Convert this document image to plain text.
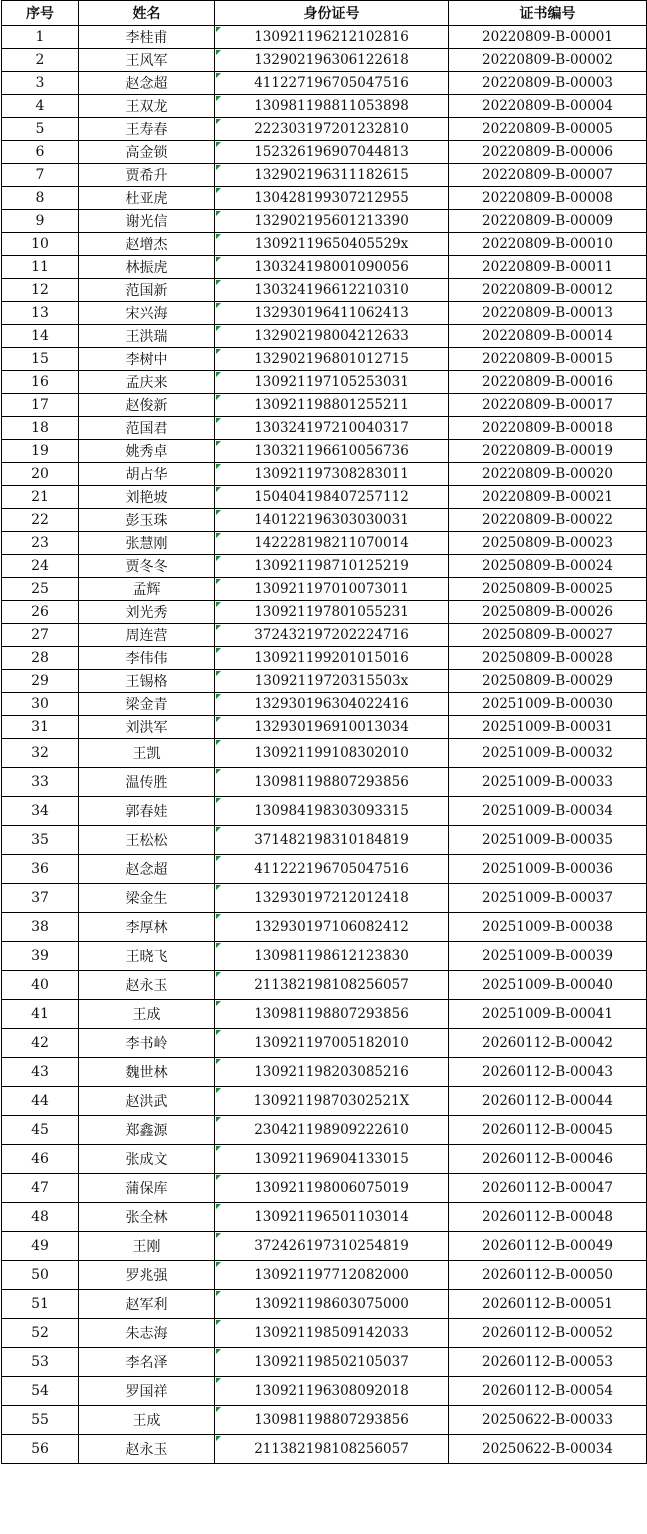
序号	姓名	身份证号	证书编号
1	李桂甫	130921196212102816	20220809-B-00001
2	王风军	132902196306122618	20220809-B-00002
3	赵念超	411227196705047516	20220809-B-00003
4	王双龙	130981198811053898	20220809-B-00004
5	王寿春	222303197201232810	20220809-B-00005
6	高金锁	152326196907044813	20220809-B-00006
7	贾希升	132902196311182615	20220809-B-00007
8	杜亚虎	130428199307212955	20220809-B-00008
9	谢光信	132902195601213390	20220809-B-00009
10	赵增杰	13092119650405529x	20220809-B-00010
11	林振虎	130324198001090056	20220809-B-00011
12	范国新	130324196612210310	20220809-B-00012
13	宋兴海	132930196411062413	20220809-B-00013
14	王洪瑞	132902198004212633	20220809-B-00014
15	李树中	132902196801012715	20220809-B-00015
16	孟庆来	130921197105253031	20220809-B-00016
17	赵俊新	130921198801255211	20220809-B-00017
18	范国君	130324197210040317	20220809-B-00018
19	姚秀卓	130321196610056736	20220809-B-00019
20	胡占华	130921197308283011	20220809-B-00020
21	刘艳坡	150404198407257112	20220809-B-00021
22	彭玉珠	140122196303030031	20220809-B-00022
23	张慧刚	142228198211070014	20250809-B-00023
24	贾冬冬	130921198710125219	20250809-B-00024
25	孟辉	130921197010073011	20250809-B-00025
26	刘光秀	130921197801055231	20250809-B-00026
27	周连营	372432197202224716	20250809-B-00027
28	李伟伟	130921199201015016	20250809-B-00028
29	王锡格	13092119720315503x	20250809-B-00029
30	梁金青	132930196304022416	20251009-B-00030
31	刘洪军	132930196910013034	20251009-B-00031
32	王凯	130921199108302010	20251009-B-00032
33	温传胜	130981198807293856	20251009-B-00033
34	郭春娃	130984198303093315	20251009-B-00034
35	王松松	371482198310184819	20251009-B-00035
36	赵念超	411222196705047516	20251009-B-00036
37	梁金生	132930197212012418	20251009-B-00037
38	李厚林	132930197106082412	20251009-B-00038
39	王晓飞	130981198612123830	20251009-B-00039
40	赵永玉	211382198108256057	20251009-B-00040
41	王成	130981198807293856	20251009-B-00041
42	李书岭	130921197005182010	20260112-B-00042
43	魏世林	130921198203085216	20260112-B-00043
44	赵洪武	13092119870302521X	20260112-B-00044
45	郑鑫源	230421198909222610	20260112-B-00045
46	张成文	130921196904133015	20260112-B-00046
47	蒲保库	130921198006075019	20260112-B-00047
48	张全林	130921196501103014	20260112-B-00048
49	王刚	372426197310254819	20260112-B-00049
50	罗兆强	130921197712082000	20260112-B-00050
51	赵军利	130921198603075000	20260112-B-00051
52	朱志海	130921198509142033	20260112-B-00052
53	李名泽	130921198502105037	20260112-B-00053
54	罗国祥	130921196308092018	20260112-B-00054
55	王成	130981198807293856	20250622-B-00033
56	赵永玉	211382198108256057	20250622-B-00034
